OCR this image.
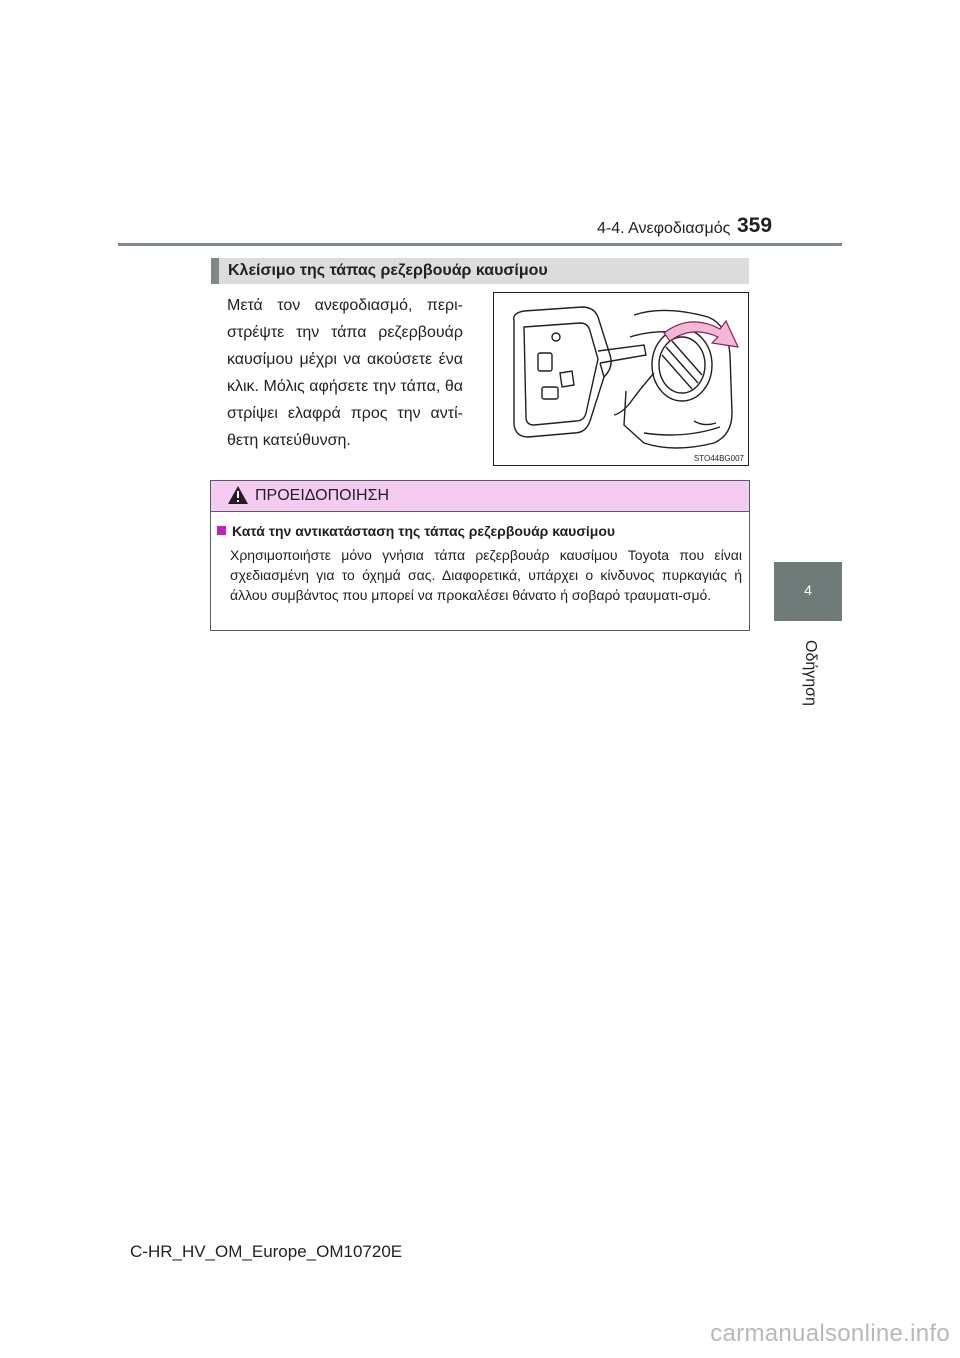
4-4. Ανεφοδιασμός 359
4
Οδήγηση
Κλείσιμο της τάπας ρεζερβουάρ καυσίμου
Μετά τον ανεφοδιασμό, περι-στρέψτε την τάπα ρεζερβουάρ καυσίμου μέχρι να ακούσετε ένα κλικ. Μόλις αφήσετε την τάπα, θα στρίψει ελαφρά προς την αντί-θετη κατεύθυνση.
STO44BG007
ΠΡΟΕΙΔΟΠΟΙΗΣΗ
Κατά την αντικατάσταση της τάπας ρεζερβουάρ καυσίμου
Χρησιμοποιήστε μόνο γνήσια τάπα ρεζερβουάρ καυσίμου Toyota που είναι σχεδιασμένη για το όχημά σας. Διαφορετικά, υπάρχει ο κίνδυνος πυρκαγιάς ή άλλου συμβάντος που μπορεί να προκαλέσει θάνατο ή σοβαρό τραυματι-σμό.
C-HR_HV_OM_Europe_OM10720E
carmanualsonline.info
